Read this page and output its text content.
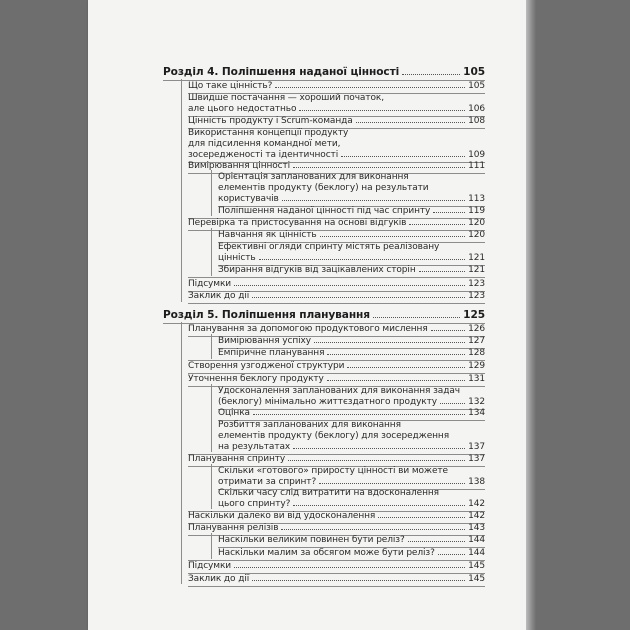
Розділ 4. Поліпшення наданої цінності	105
Що таке цінність?	105
Швидше постачання — хороший початок,
але цього недостатньо	106
Цінність продукту і Scrum-команда	108
Використання концепції продукту
для підсилення командної мети,
зосередженості та ідентичності	109
Вимірювання цінності	111
Орієнтація запланованих для виконання
елементів продукту (беклогу) на результати
користувачів	113
Поліпшення наданої цінності під час спринту	119
Перевірка та пристосування на основі відгуків	120
Навчання як цінність	120
Ефективні огляди спринту містять реалізовану
цінність	121
Збирання відгуків від зацікавлених сторін	121
Підсумки	123
Заклик до дії	123
Розділ 5. Поліпшення планування	125
Планування за допомогою продуктового мислення	126
Вимірювання успіху	127
Емпіричне планування	128
Створення узгодженої структури	129
Уточнення беклогу продукту	131
Удосконалення запланованих для виконання задач
(беклогу) мінімально життєздатного продукту	132
Оцінка	134
Розбиття запланованих для виконання
елементів продукту (беклогу) для зосередження
на результатах	137
Планування спринту	137
Скільки «готового» приросту цінності ви можете
отримати за спринт?	138
Скільки часу слід витратити на вдосконалення
цього спринту?	142
Наскільки далеко ви від удосконалення	142
Планування релізів	143
Наскільки великим повинен бути реліз?	144
Наскільки малим за обсягом може бути реліз?	144
Підсумки	145
Заклик до дії	145
